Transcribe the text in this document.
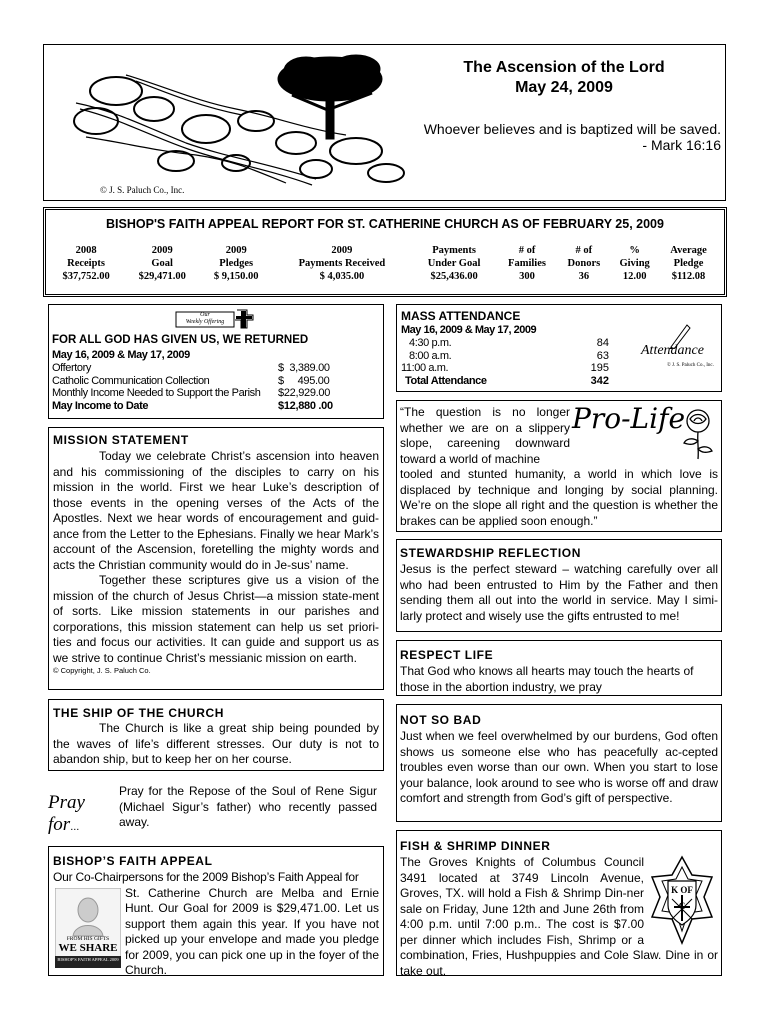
© J. S. Paluch Co., Inc.
The Ascension of the Lord
May 24, 2009
Whoever believes and is baptized will be saved.
- Mark 16:16
BISHOP'S FAITH APPEAL REPORT FOR ST. CATHERINE CHURCH AS OF FEBRUARY 25, 2009
2008	2009	2009	2009	Payments	# of	# of	%	Average
Receipts	Goal	Pledges	Payments Received	Under Goal	Families	Donors	Giving	Pledge
$37,752.00	$29,471.00	$ 9,150.00	$ 4,035.00	$25,436.00	300	36	12.00	$112.08
Our
Weekly Offering
FOR ALL GOD HAS GIVEN US, WE RETURNED
May 16, 2009 & May 17, 2009
Offertory	$  3,389.00
Catholic Communication Collection	$     495.00
Monthly Income Needed to Support the Parish	$22,929.00
May Income to Date	$12,880 .00
MASS ATTENDANCE
May 16, 2009 & May 17, 2009
4:30 p.m.	84
8:00 a.m.	63
11:00 a.m.	195
Total Attendance	342
Attendance
© J. S. Paluch Co., Inc.
MISSION STATEMENT

Today we celebrate Christ’s ascension into heaven and his commissioning of the disciples to carry on his mission in the world. First we hear Luke’s description of those events in the opening verses of the Acts of the Apostles. Next we hear words of encouragement and guid-ance from the Letter to the Ephesians. Finally we hear Mark’s account of the Ascension, foretelling the mighty words and acts the Christian community would do in Je-sus’ name.

Together these scriptures give us a vision of the mission of the church of Jesus Christ—a mission state-ment of sorts. Like mission statements in our parishes and corporations, this mission statement can help us set priori-ties and focus our activities. It can guide and support us as we strive to continue Christ’s messianic mission on earth.

© Copyright, J. S. Paluch Co.
Pro-Life

“The question is no longer whether we are on a slippery slope, careening downward toward a world of machine

tooled and stunted humanity, a world in which love is displaced by technique and longing by social planning. We’re on the slope all right and the question is whether the brakes can be applied soon enough.”

STEWARDSHIP REFLECTION
Jesus is the perfect steward – watching carefully over all who had been entrusted to Him by the Father and then sending them all out into the world in service. May I simi-larly protect and wisely use the gifts entrusted to me!
RESPECT LIFE
That God who knows all hearts may touch the hearts of those in the abortion industry, we pray
THE SHIP OF THE CHURCH

The Church is like a great ship being pounded by the waves of life’s different stresses. Our duty is not to abandon ship, but to keep her on her course.

Pray for...
Pray for the Repose of the Soul of Rene Sigur (Michael Sigur’s father) who recently passed away.
NOT SO BAD
Just when we feel overwhelmed by our burdens, God often shows us someone else who has peacefully ac-cepted troubles even worse than our own. When you start to lose your balance, look around to see who is worse off and draw comfort and strength from God’s gift of perspective.
BISHOP’S FAITH APPEAL
Our Co-Chairpersons for the 2009 Bishop’s Faith Appeal for
FROM HIS GIFTS
WE SHARE
BISHOP'S FAITH APPEAL 2009
St. Catherine Church are Melba and Ernie Hunt. Our Goal for 2009 is $29,471.00. Let us support them again this year. If you have not picked up your envelope and made you pledge for 2009, you can pick one up in the foyer of the Church.
FISH & SHRIMP DINNER
K OF C
The Groves Knights of Columbus Council 3491 located at 3749 Lincoln Avenue, Groves, TX. will hold a Fish & Shrimp Din-ner sale on Friday, June 12th and June 26th from 4:00 p.m. until 7:00 p.m.. The cost is $7.00 per dinner which includes Fish, Shrimp or a combination, Fries, Hushpuppies and Cole Slaw. Dine in or take out.
